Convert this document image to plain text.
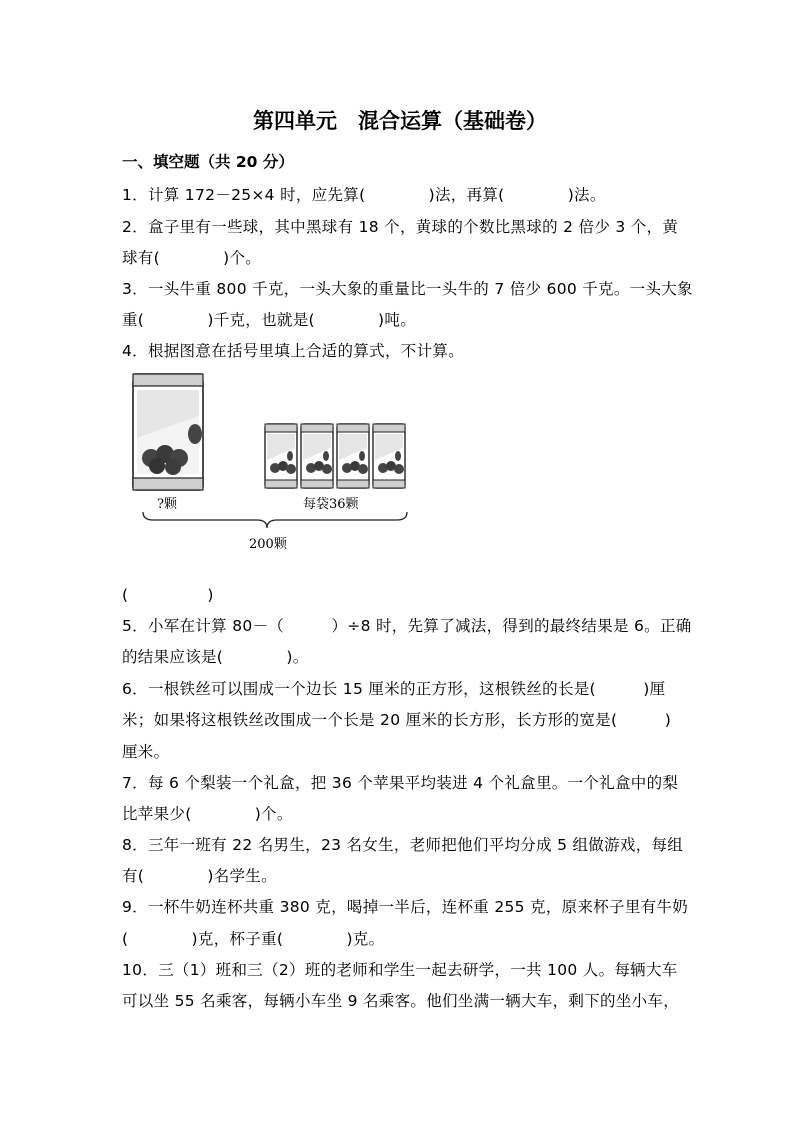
第四单元　混合运算（基础卷）
一、填空题（共 20 分）
1．计算 172－25×4 时，应先算(　　　　)法，再算(　　　　)法。
2．盒子里有一些球，其中黑球有 18 个，黄球的个数比黑球的 2 倍少 3 个，黄
球有(　　　　)个。
3．一头牛重 800 千克，一头大象的重量比一头牛的 7 倍少 600 千克。一头大象
重(　　　　)千克，也就是(　　　　)吨。
4．根据图意在括号里填上合适的算式，不计算。
?颗	每袋36颗
200颗
(　　　　　)
5．小军在计算 80－（　　　）÷8 时，先算了减法，得到的最终结果是 6。正确
的结果应该是(　　　　)。
6．一根铁丝可以围成一个边长 15 厘米的正方形，这根铁丝的长是(　　　)厘
米；如果将这根铁丝改围成一个长是 20 厘米的长方形，长方形的宽是(　　　)
厘米。
7．每 6 个梨装一个礼盒，把 36 个苹果平均装进 4 个礼盒里。一个礼盒中的梨
比苹果少(　　　　)个。
8．三年一班有 22 名男生，23 名女生，老师把他们平均分成 5 组做游戏，每组
有(　　　　)名学生。
9．一杯牛奶连杯共重 380 克，喝掉一半后，连杯重 255 克，原来杯子里有牛奶
(　　　　)克，杯子重(　　　　)克。
10．三（1）班和三（2）班的老师和学生一起去研学，一共 100 人。每辆大车
可以坐 55 名乘客，每辆小车坐 9 名乘客。他们坐满一辆大车，剩下的坐小车，
